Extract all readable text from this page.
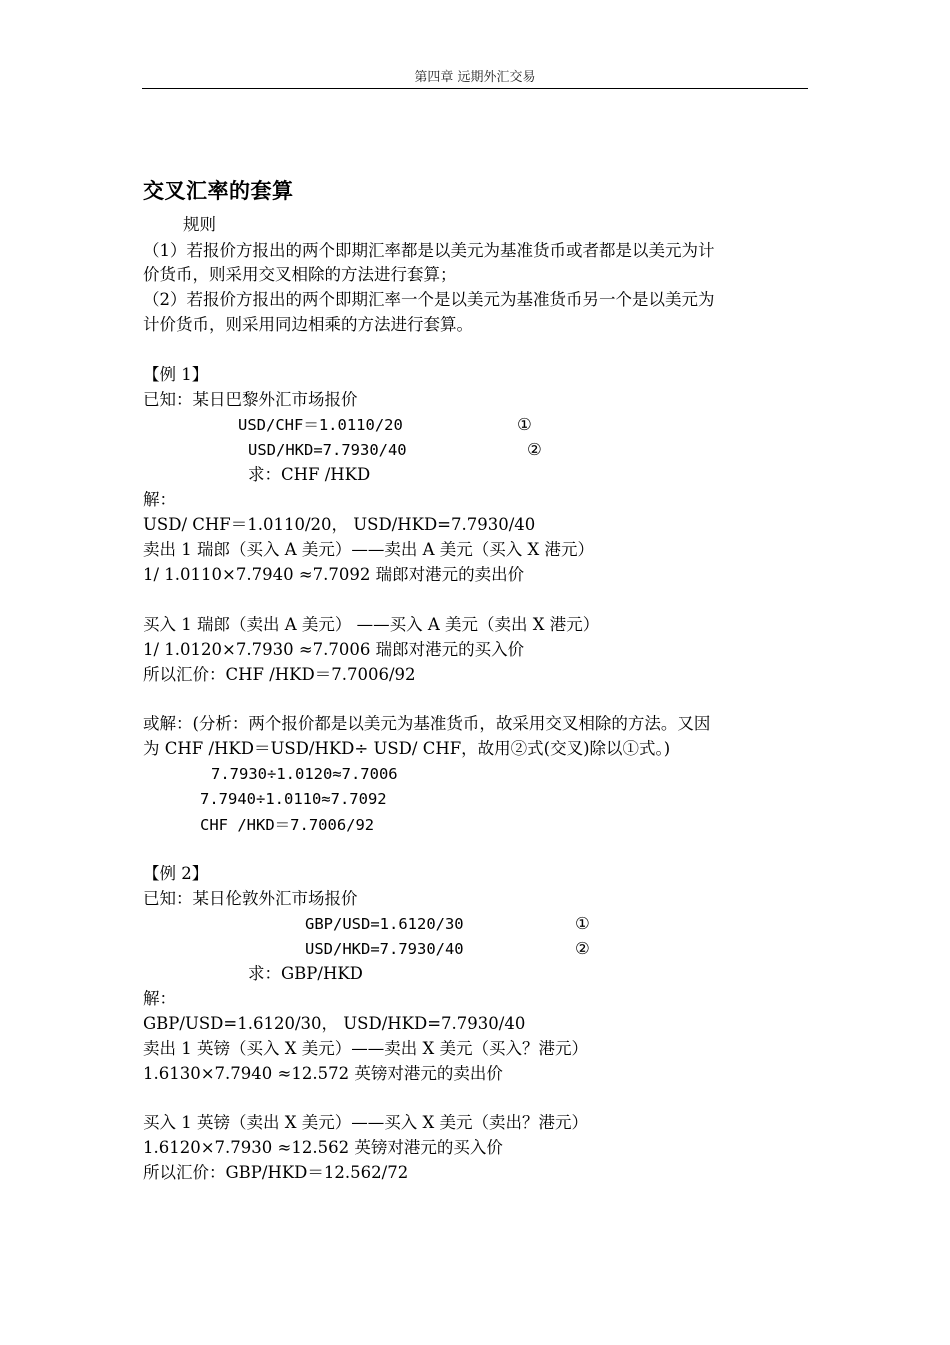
第四章 远期外汇交易
交叉汇率的套算
规则
（1）若报价方报出的两个即期汇率都是以美元为基准货币或者都是以美元为计
价货币，则采用交叉相除的方法进行套算；
（2）若报价方报出的两个即期汇率一个是以美元为基准货币另一个是以美元为
计价货币，则采用同边相乘的方法进行套算。
【例 1】
已知：某日巴黎外汇市场报价
USD/CHF＝1.0110/20	①
USD/HKD=7.7930/40	②
求：CHF /HKD
解：
USD/ CHF＝1.0110/20， USD/HKD=7.7930/40
卖出 1 瑞郎（买入 A 美元）——卖出 A 美元（买入 X 港元）
1/ 1.0110×7.7940 ≈7.7092 瑞郎对港元的卖出价
买入 1 瑞郎（卖出 A 美元） ——买入 A 美元（卖出 X 港元）
1/ 1.0120×7.7930 ≈7.7006 瑞郎对港元的买入价
所以汇价：CHF /HKD＝7.7006/92
或解：(分析：两个报价都是以美元为基准货币，故采用交叉相除的方法。又因
为 CHF /HKD＝USD/HKD÷ USD/ CHF，故用②式(交叉)除以①式。)
7.7930÷1.0120≈7.7006
7.7940÷1.0110≈7.7092
CHF /HKD＝7.7006/92
【例 2】
已知：某日伦敦外汇市场报价
GBP/USD=1.6120/30	①
USD/HKD=7.7930/40	②
求：GBP/HKD
解：
GBP/USD=1.6120/30， USD/HKD=7.7930/40
卖出 1 英镑（买入 X 美元）——卖出 X 美元（买入？港元）
1.6130×7.7940 ≈12.572 英镑对港元的卖出价
买入 1 英镑（卖出 X 美元）——买入 X 美元（卖出？港元）
1.6120×7.7930 ≈12.562 英镑对港元的买入价
所以汇价：GBP/HKD＝12.562/72
